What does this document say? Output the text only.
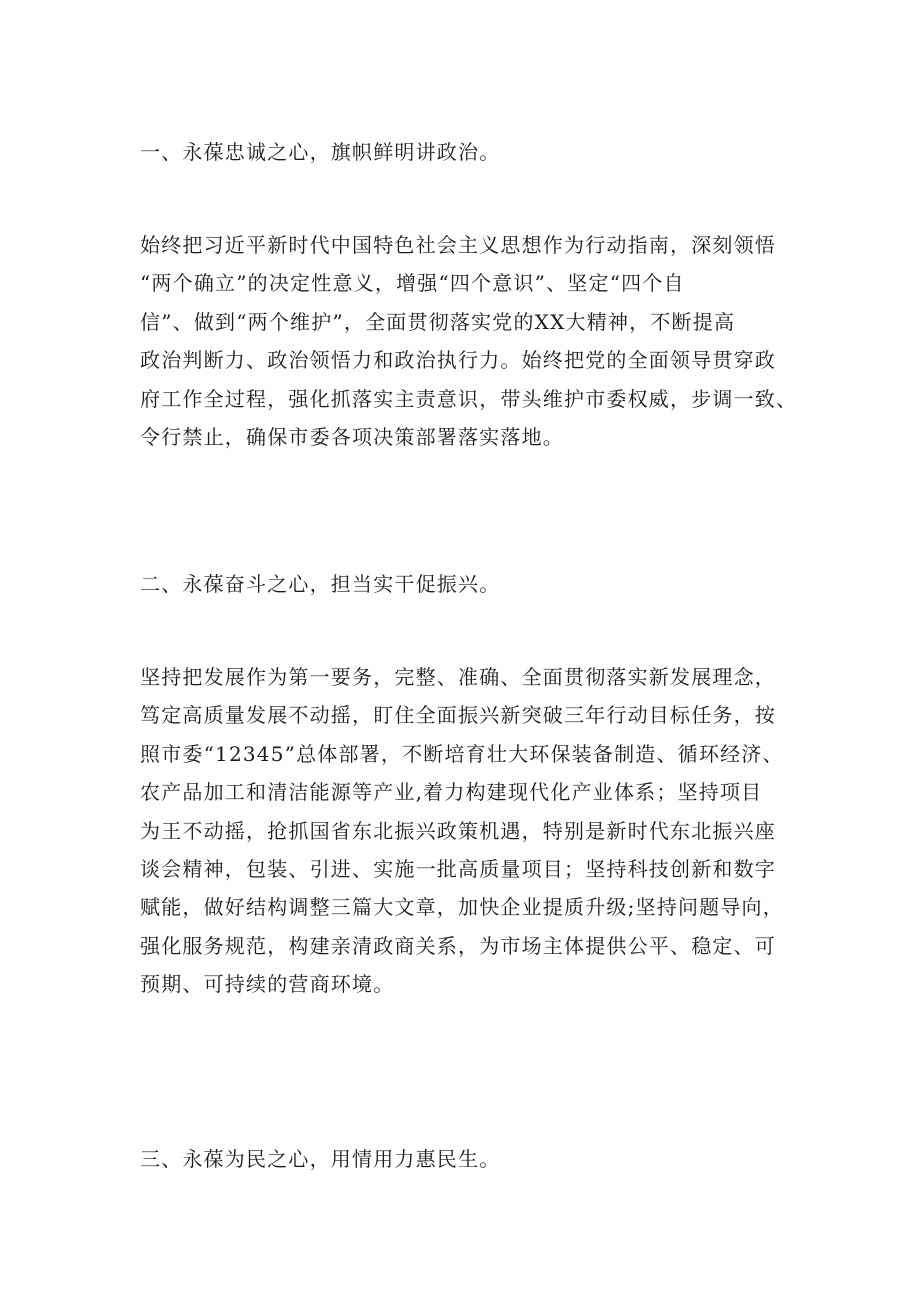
一、永葆忠诚之心，旗帜鲜明讲政治。
始终把习近平新时代中国特色社会主义思想作为行动指南，深刻领悟
“两个确立”的决定性意义，增强“四个意识”、坚定“四个自
信”、做到“两个维护”，全面贯彻落实党的XX大精神，不断提高
政治判断力、政治领悟力和政治执行力。始终把党的全面领导贯穿政
府工作全过程，强化抓落实主责意识，带头维护市委权威，步调一致、
令行禁止，确保市委各项决策部署落实落地。
二、永葆奋斗之心，担当实干促振兴。
坚持把发展作为第一要务，完整、准确、全面贯彻落实新发展理念，
笃定高质量发展不动摇，盯住全面振兴新突破三年行动目标任务，按
照市委“12345”总体部署，不断培育壮大环保装备制造、循环经济、
农产品加工和清洁能源等产业,着力构建现代化产业体系；坚持项目
为王不动摇，抢抓国省东北振兴政策机遇，特别是新时代东北振兴座
谈会精神，包装、引进、实施一批高质量项目；坚持科技创新和数字
赋能，做好结构调整三篇大文章，加快企业提质升级;坚持问题导向，
强化服务规范，构建亲清政商关系，为市场主体提供公平、稳定、可
预期、可持续的营商环境。
三、永葆为民之心，用情用力惠民生。
